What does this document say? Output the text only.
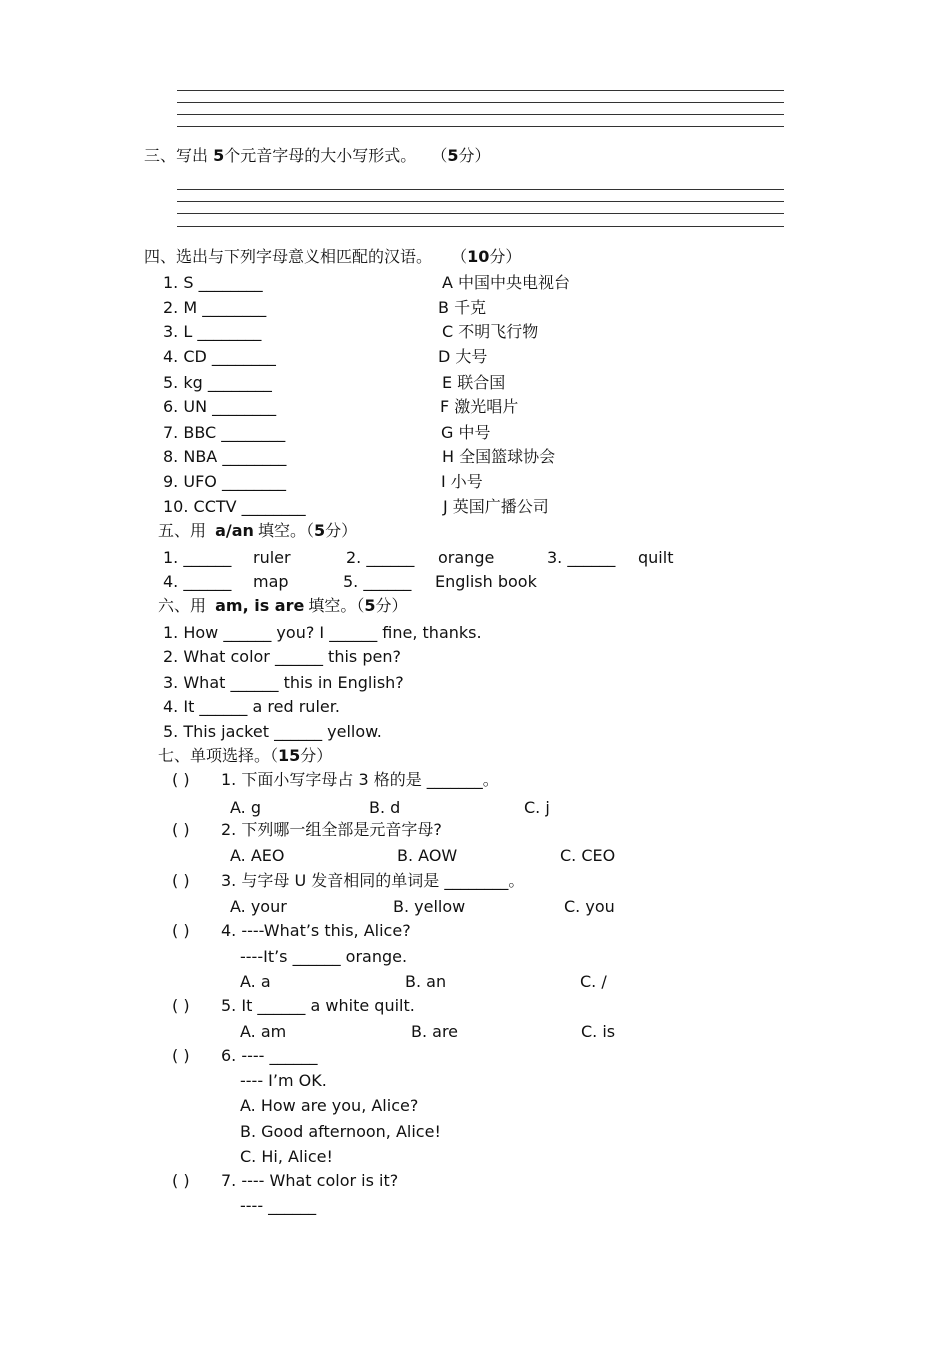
三、写出 5个元音字母的大小写形式。 （5分）
四、选出与下列字母意义相匹配的汉语。 （10分）
1. S ________	A 中国中央电视台
2. M ________	B 千克
3. L ________	C 不明飞行物
4. CD ________	D 大号
5. kg ________	E 联合国
6. UN ________	F 激光唱片
7. BBC ________	G 中号
8. NBA ________	H 全国篮球协会
9. UFO ________	I 小号
10. CCTV ________	J 英国广播公司
五、用 a/an 填空。（5分）
1. ______ ruler	2. ______ orange	3. ______ quilt
4. ______ map	5. ______ English book
六、用 am, is are 填空。（5分）
1. How ______ you? I ______ fine, thanks.
2. What color ______ this pen?
3. What ______ this in English?
4. It ______ a red ruler.
5. This jacket ______ yellow.
七、单项选择。（15分）
( ) 1. 下面小写字母占 3 格的是 _______。
A. g	B. d	C. j
( ) 2. 下列哪一组全部是元音字母?
A. AEO	B. AOW	C. CEO
( ) 3. 与字母 U 发音相同的单词是 ________。
A. your	B. yellow	C. you
( ) 4. ----What’s this, Alice?
----It’s ______ orange.
A. a	B. an	C. /
( ) 5. It ______ a white quilt.
A. am	B. are	C. is
( ) 6. ---- ______
---- I’m OK.
A. How are you, Alice?
B. Good afternoon, Alice!
C. Hi, Alice!
( ) 7. ---- What color is it?
---- ______
